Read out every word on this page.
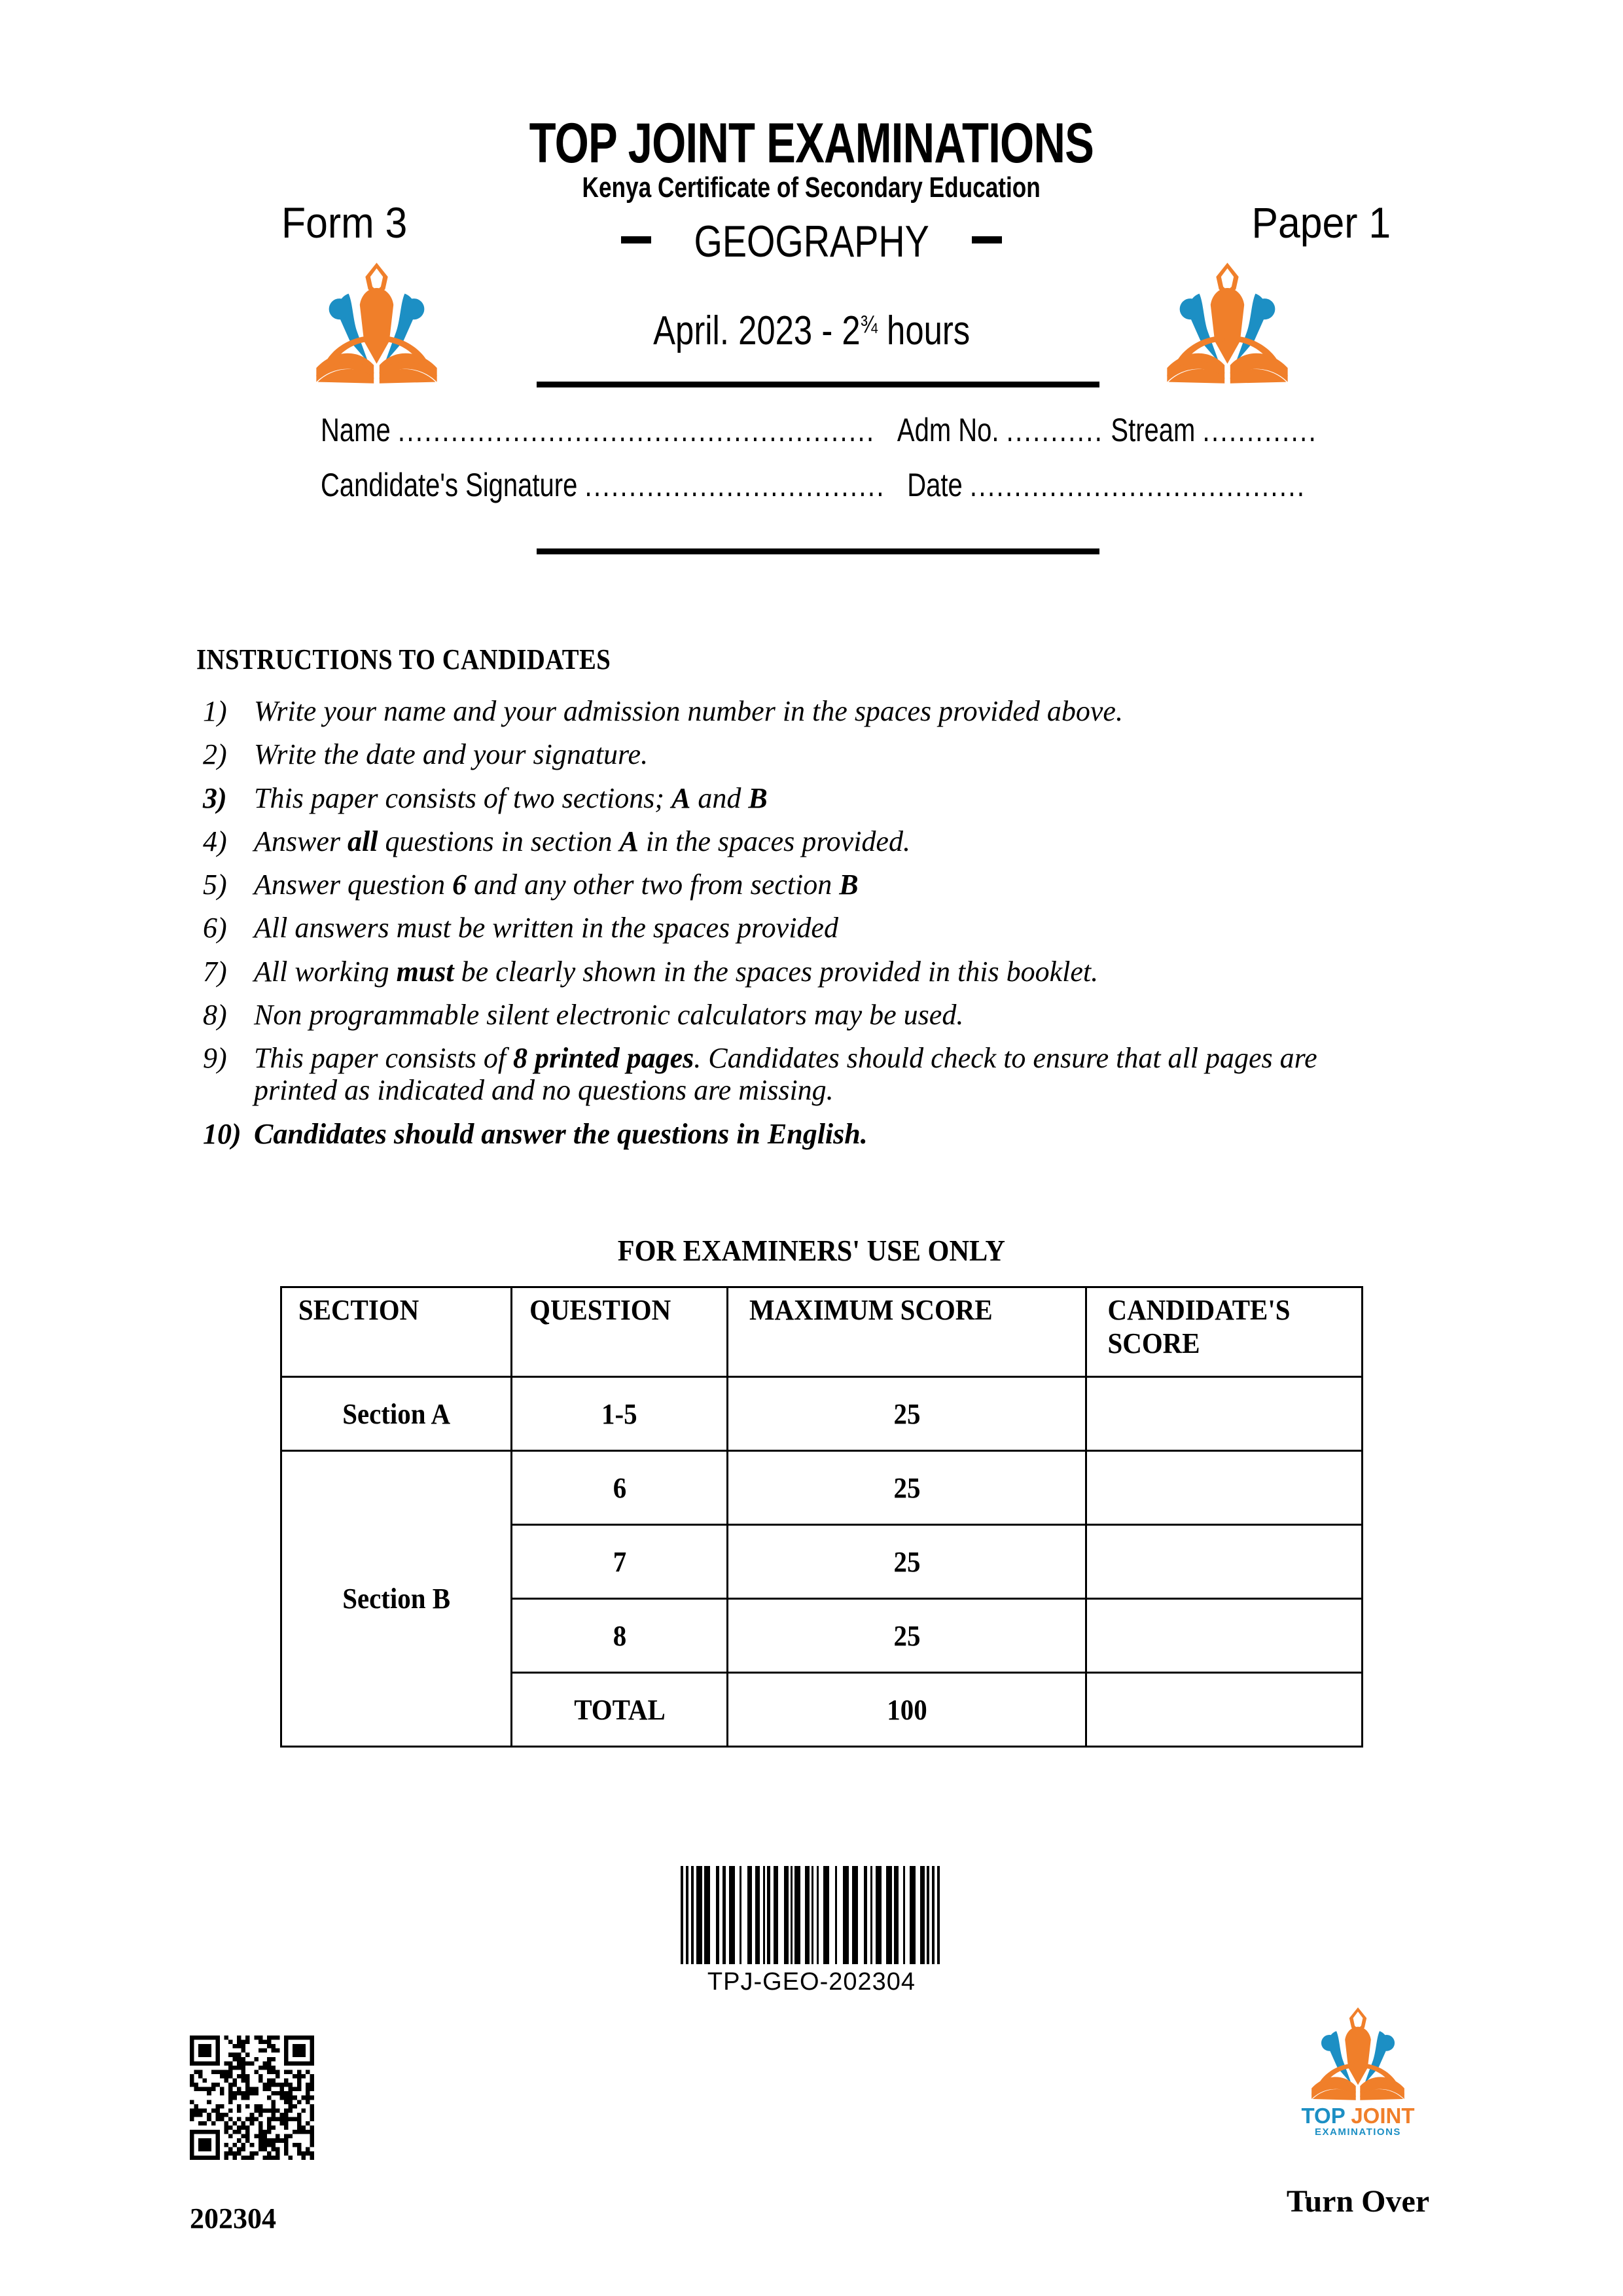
TOP JOINT EXAMINATIONS
Kenya Certificate of Secondary Education
Form 3	Paper 1
GEOGRAPHY
April. $2023 - 2^{\frac{3}{4}}$ hours
Name ...................................................... Adm No. ........... Stream .............
Candidate's Signature .................................. Date ......................................
INSTRUCTIONS TO CANDIDATES
1) Write your name and your admission number in the spaces provided above.
2) Write the date and your signature.
3) This paper consists of two sections; A and B
4) Answer all questions in section A in the spaces provided.
5) Answer question 6 and any other two from section B
6) All answers must be written in the spaces provided
7) All working must be clearly shown in the spaces provided in this booklet.
8) Non programmable silent electronic calculators may be used.
9) This paper consists of 8 printed pages. Candidates should check to ensure that all pages are printed as indicated and no questions are missing.
10) Candidates should answer the questions in English.
FOR EXAMINERS' USE ONLY
SECTION	QUESTION	MAXIMUM SCORE	CANDIDATE'S SCORE
Section A	1-5	25	
Section B	6	25	
	7	25	
	8	25	
	TOTAL	100	
TPJ-GEO-202304
202304
TOP JOINT
EXAMINATIONS
Turn Over
